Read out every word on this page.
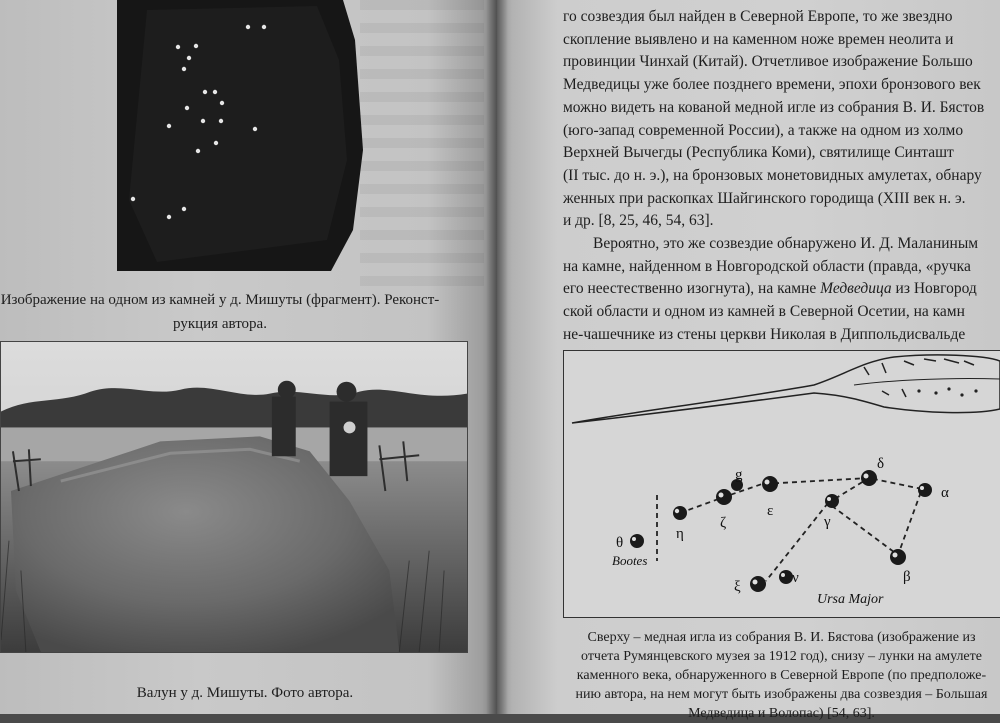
Изображение на одном из камней у д. Мишуты (фрагмент). Реконст-
рукция автора.

Валун у д. Мишуты. Фото автора.

го созвездия был найден в Северной Европе, то же звездно
скопление выявлено и на каменном ноже времен неолита и
провинции Чинхай (Китай). Отчетливое изображение Большо
Медведицы уже более позднего времени, эпохи бронзового век
можно видеть на кованой медной игле из собрания В. И. Бястов
(юго-запад современной России), а также на одном из холмо
Верхней Вычегды (Республика Коми), святилище Синташт
(II тыс. до н. э.), на бронзовых монетовидных амулетах, обнару
женных при раскопках Шайгинского городища (XIII век н. э.
и др. [8, 25, 46, 54, 63].
Вероятно, это же созвездие обнаружено И. Д. Маланиным
на камне, найденном в Новгородской области (правда, «ручка
его неестественно изогнута), на камне Медведица из Новгород
ской области и одном из камней в Северной Осетии, на камн
не-чашечнике из стены церкви Николая в Диппольдисвальде
θ
η
g
ζ
ε
δ
α
γ
β
ξ
ν
Bootes
Ursa Major
Сверху – медная игла из собрания В. И. Бястова (изображение из
отчета Румянцевского музея за 1912 год), снизу – лунки на амулете
каменного века, обнаруженного в Северной Европе (по предположе-
нию автора, на нем могут быть изображены два созвездия – Большая
Медведица и Волопас) [54, 63].
